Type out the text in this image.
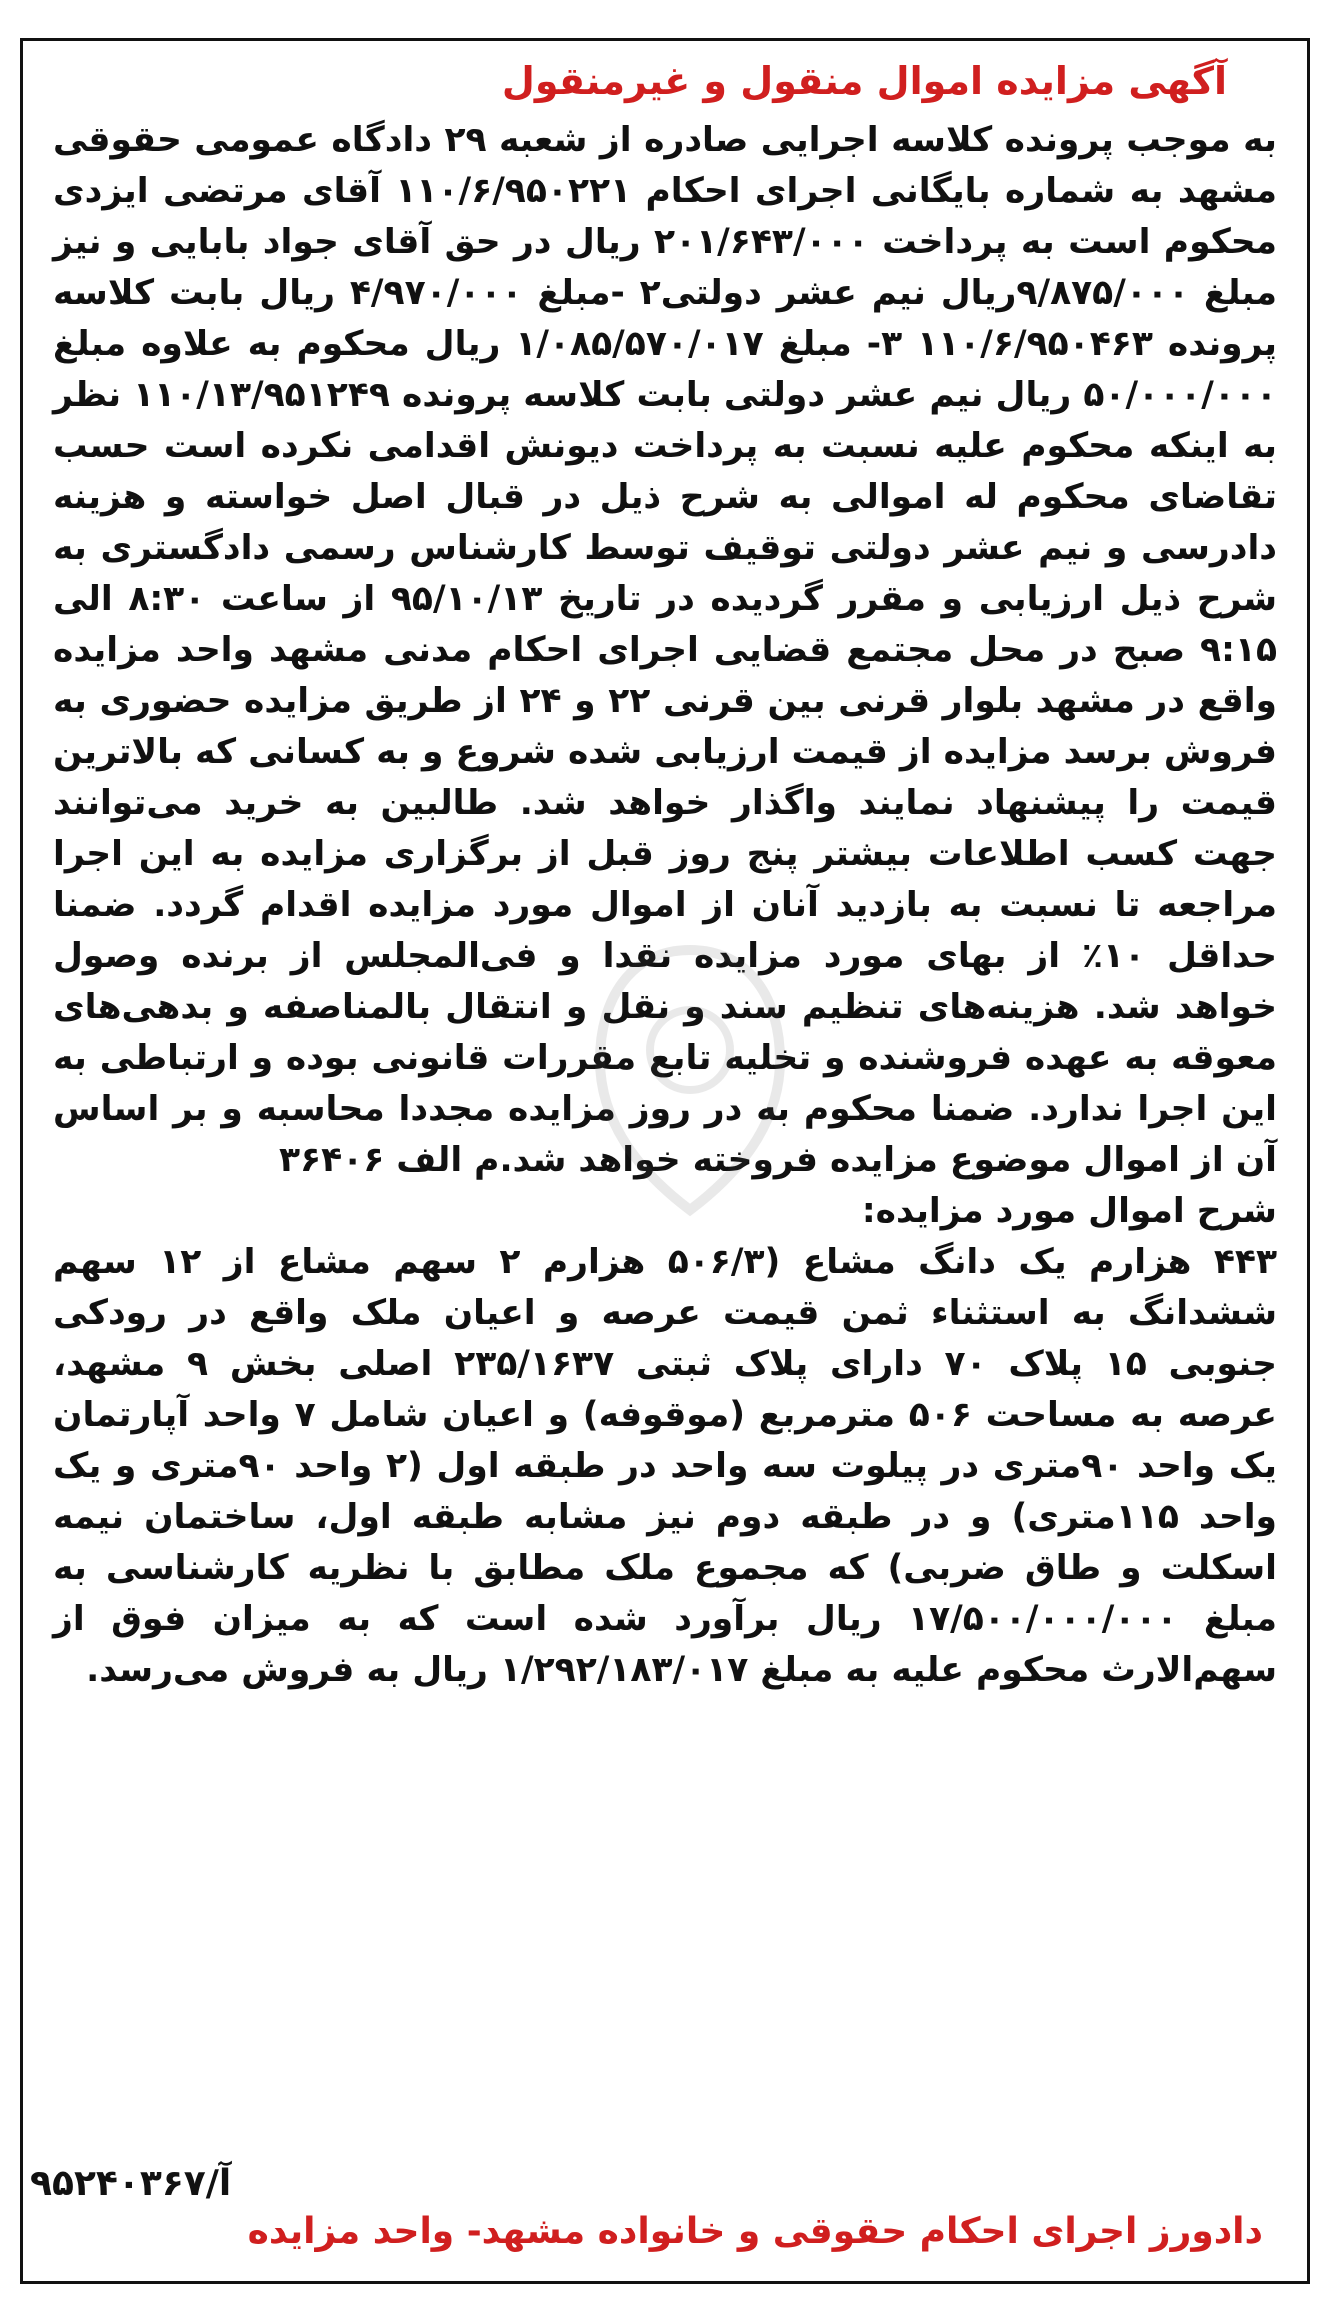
آگهی مزایده اموال منقول و غیرمنقول

به موجب پرونده کلاسه اجرایی صادره از شعبه ۲۹ دادگاه عمومی حقوقی مشهد به شماره بایگانی اجرای احکام ۱۱۰/۶/۹۵۰۲۲۱ آقای مرتضی ایزدی محکوم است به پرداخت ۲۰۱/۶۴۳/۰۰۰ ریال در حق آقای جواد بابایی و نیز مبلغ ۹/۸۷۵/۰۰۰ریال نیم عشر دولتی۲ -مبلغ ۴/۹۷۰/۰۰۰ ریال بابت کلاسه پرونده ۱۱۰/۶/۹۵۰۴۶۳ ۳- مبلغ ۱/۰۸۵/۵۷۰/۰۱۷ ریال محکوم به علاوه مبلغ ۵۰/۰۰۰/۰۰۰ ریال نیم عشر دولتی بابت کلاسه پرونده ۱۱۰/۱۳/۹۵۱۲۴۹ نظر به اینکه محکوم علیه نسبت به پرداخت دیونش اقدامی نکرده است حسب تقاضای محکوم له اموالی به شرح ذیل در قبال اصل خواسته و هزینه دادرسی و نیم عشر دولتی توقیف توسط کارشناس رسمی دادگستری به شرح ذیل ارزیابی و مقرر گردیده در تاریخ ۹۵/۱۰/۱۳ از ساعت ۸:۳۰ الی ۹:۱۵ صبح در محل مجتمع قضایی اجرای احکام مدنی مشهد واحد مزایده واقع در مشهد بلوار قرنی بین قرنی ۲۲ و ۲۴ از طریق مزایده حضوری به فروش برسد مزایده از قیمت ارزیابی شده شروع و به کسانی که بالاترین قیمت را پیشنهاد نمایند واگذار خواهد شد. طالبین به خرید می‌توانند جهت کسب اطلاعات بیشتر پنج روز قبل از برگزاری مزایده به این اجرا مراجعه تا نسبت به بازدید آنان از اموال مورد مزایده اقدام گردد. ضمنا حداقل ۱۰٪ از بهای مورد مزایده نقدا و فی‌المجلس از برنده وصول خواهد شد. هزینه‌های تنظیم سند و نقل و انتقال بالمناصفه و بدهی‌های معوقه به عهده فروشنده و تخلیه تابع مقررات قانونی بوده و ارتباطی به این اجرا ندارد. ضمنا محکوم به در روز مزایده مجددا محاسبه و بر اساس آن از اموال موضوع مزایده فروخته خواهد شد.م الف ۳۶۴۰۶

شرح اموال مورد مزایده:

۴۴۳ هزارم یک دانگ مشاع (۵۰۶/۳ هزارم ۲ سهم مشاع از ۱۲ سهم ششدانگ به استثناء ثمن قیمت عرصه و اعیان ملک واقع در رودکی جنوبی ۱۵ پلاک ۷۰ دارای پلاک ثبتی ۲۳۵/۱۶۳۷ اصلی بخش ۹ مشهد، عرصه به مساحت ۵۰۶ مترمربع (موقوفه) و اعیان شامل ۷ واحد آپارتمان یک واحد ۹۰متری در پیلوت سه واحد در طبقه اول (۲ واحد ۹۰متری و یک واحد ۱۱۵متری) و در طبقه دوم نیز مشابه طبقه اول، ساختمان نیمه اسکلت و طاق ضربی) که مجموع ملک مطابق با نظریه کارشناسی به مبلغ ۱۷/۵۰۰/۰۰۰/۰۰۰ ریال برآورد شده است که به میزان فوق از سهم‌الارث محکوم علیه به مبلغ ۱/۲۹۲/۱۸۳/۰۱۷ ریال به فروش می‌رسد.

دادورز اجرای احکام حقوقی و خانواده مشهد- واحد مزایده
آ/۹۵۲۴۰۳۶۷
